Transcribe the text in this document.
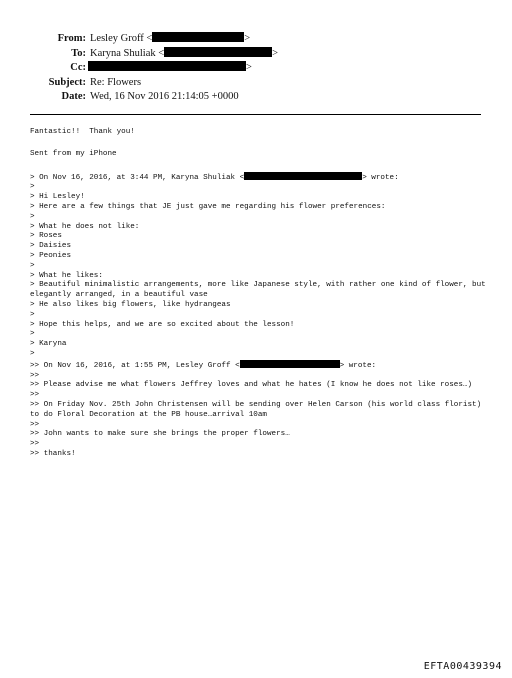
From: Lesley Groff <	>
To: Karyna Shuliak <	>
Cc:	>
Subject: Re: Flowers
Date: Wed, 16 Nov 2016 21:14:05 +0000
Fantastic!!  Thank you!
Sent from my iPhone
> On Nov 16, 2016, at 3:44 PM, Karyna Shuliak <	> wrote:
>
> Hi Lesley!
> Here are a few things that JE just gave me regarding his flower preferences:
>
> What he does not like:
> Roses
> Daisies
> Peonies
>
> What he likes:
> Beautiful minimalistic arrangements, more like Japanese style, with rather one kind of flower, but elegantly arranged, in a beautiful vase
> He also likes big flowers, like hydrangeas
>
> Hope this helps, and we are so excited about the lesson!
>
> Karyna
>
>> On Nov 16, 2016, at 1:55 PM, Lesley Groff <	> wrote:
>>
>> Please advise me what flowers Jeffrey loves and what he hates (I know he does not like roses…)
>>
>> On Friday Nov. 25th John Christensen will be sending over Helen Carson (his world class florist) to do Floral Decoration at the PB house…arrival 10am
>>
>> John wants to make sure she brings the proper flowers…
>>
>> thanks!
EFTA00439394
